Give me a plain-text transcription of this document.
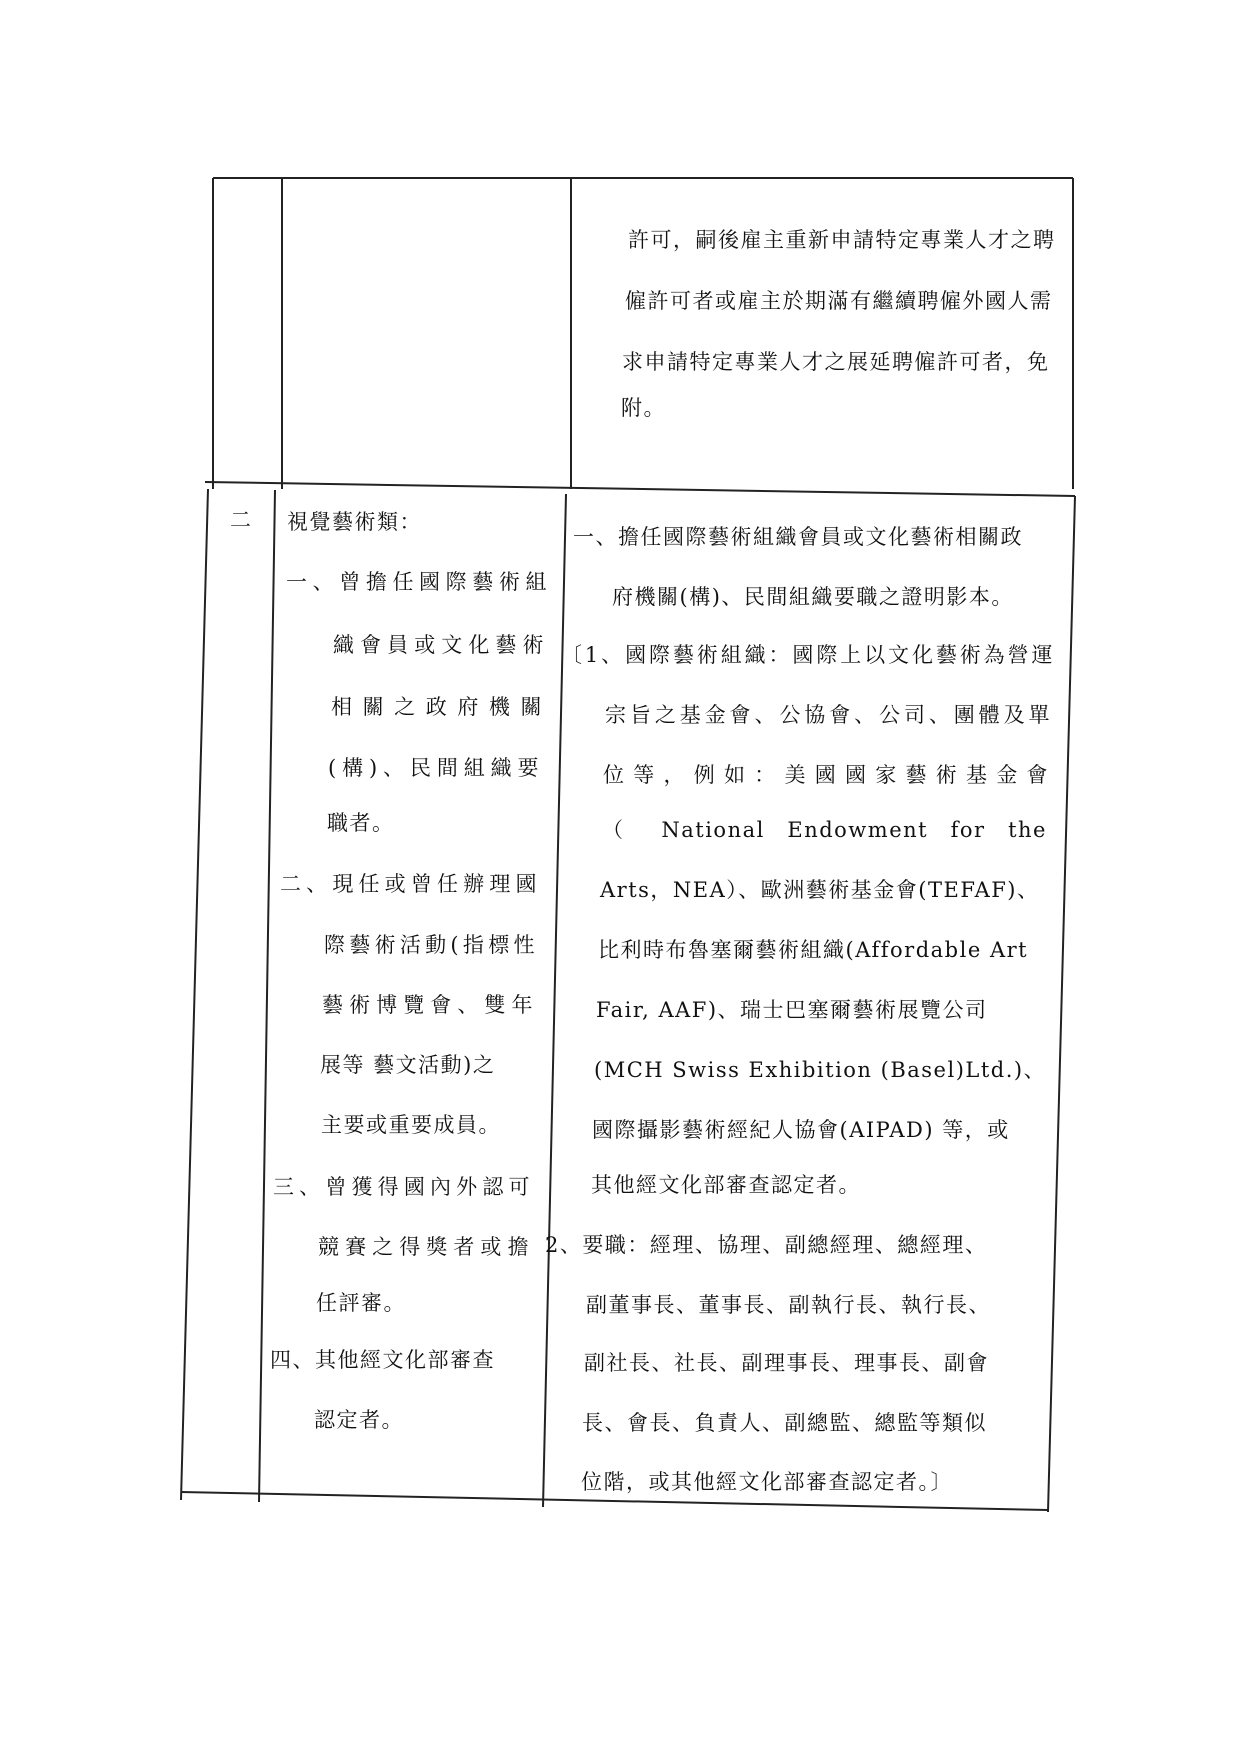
許可，嗣後雇主重新申請特定專業人才之聘
僱許可者或雇主於期滿有繼續聘僱外國人需
求申請特定專業人才之展延聘僱許可者，免
附。
二	視覺藝術類：
一、曾擔任國際藝術組
織會員或文化藝術
相關之政府機關
(構)、民間組織要
職者。
二、現任或曾任辦理國
際藝術活動(指標性
藝術博覽會、雙年
展等 藝文活動)之
主要或重要成員。
三、曾獲得國內外認可
競賽之得獎者或擔
任評審。
四、其他經文化部審查
認定者。
一、擔任國際藝術組織會員或文化藝術相關政
府機關(構)、民間組織要職之證明影本。
〔1、國際藝術組織：國際上以文化藝術為營運
宗旨之基金會、公協會、公司、團體及單
位等，例如：美國國家藝術基金會
（ National Endowment for the
Arts，NEA）、歐洲藝術基金會(TEFAF)、
比利時布魯塞爾藝術組織(Affordable Art
Fair, AAF)、瑞士巴塞爾藝術展覽公司
(MCH Swiss Exhibition (Basel)Ltd.)、
國際攝影藝術經紀人協會(AIPAD) 等，或
其他經文化部審查認定者。
2、要職：經理、協理、副總經理、總經理、
副董事長、董事長、副執行長、執行長、
副社長、社長、副理事長、理事長、副會
長、會長、負責人、副總監、總監等類似
位階，或其他經文化部審查認定者。〕
